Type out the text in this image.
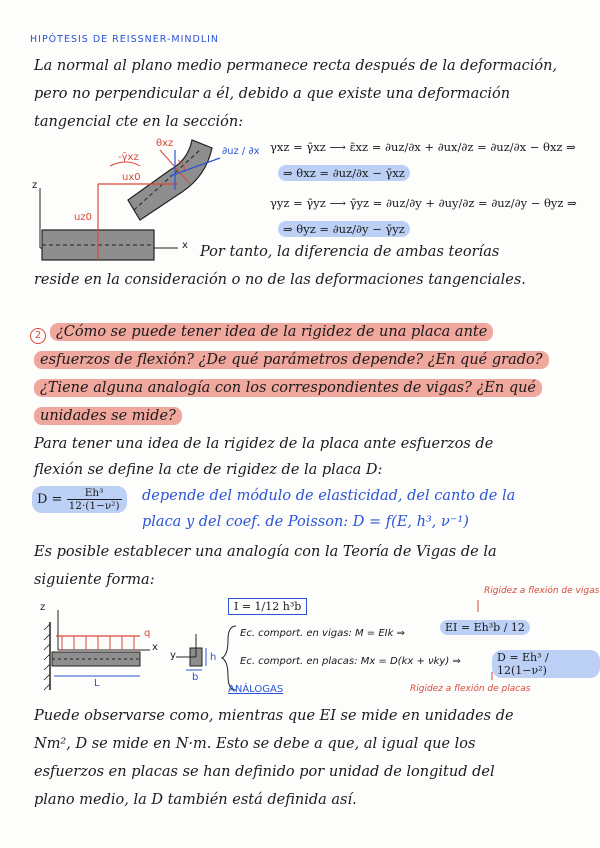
HIPÓTESIS DE REISSNER-MINDLIN
La normal al plano medio permanece recta después de la deformación,
pero no perpendicular a él, debido a que existe una deformación
tangencial cte en la sección:
-γ̄xz
ux0
θxz
∂uz / ∂x
uz0
z
x
γxz = γ̄xz ⟶ ε̄xz = ∂uz/∂x + ∂ux/∂z = ∂uz/∂x − θxz ⇒
⇒ θxz = ∂uz/∂x − γ̄xz
γyz = γ̄yz ⟶ γ̄yz = ∂uz/∂y + ∂uy/∂z = ∂uz/∂y − θyz ⇒
⇒ θyz = ∂uz/∂y − γ̄yz
Por tanto, la diferencia de ambas teorías
reside en la consideración o no de las deformaciones tangenciales.
2	¿Cómo se puede tener idea de la rigidez de una placa ante
esfuerzos de flexión? ¿De qué parámetros depende? ¿En qué grado?
¿Tiene alguna analogía con los correspondientes de vigas? ¿En qué
unidades se mide?
Para tener una idea de la rigidez de la placa ante esfuerzos de
flexión se define la cte de rigidez de la placa D:
$D = \frac{\text{Eh³}}{\text{12·(1−ν²)}}$ depende del módulo de elasticidad, del canto de la
placa y del coef. de Poisson: D = f(E, h³, ν⁻¹)
Es posible establecer una analogía con la Teoría de Vigas de la
siguiente forma:
z
x
q
L
y	h
b
I = 1/12 h³b
Ec. comport. en vigas: M = EIk ⇒
Ec. comport. en placas: Mx = D(kx + νky) ⇒
ANÁLOGAS
EI = Eh³b / 12
D = Eh³ / 12(1−ν²)
Rigidez a flexión de vigas
Rigidez a flexión de placas
Puede observarse como, mientras que EI se mide en unidades de
Nm², D se mide en N·m. Esto se debe a que, al igual que los
esfuerzos en placas se han definido por unidad de longitud del
plano medio, la D también está definida así.
